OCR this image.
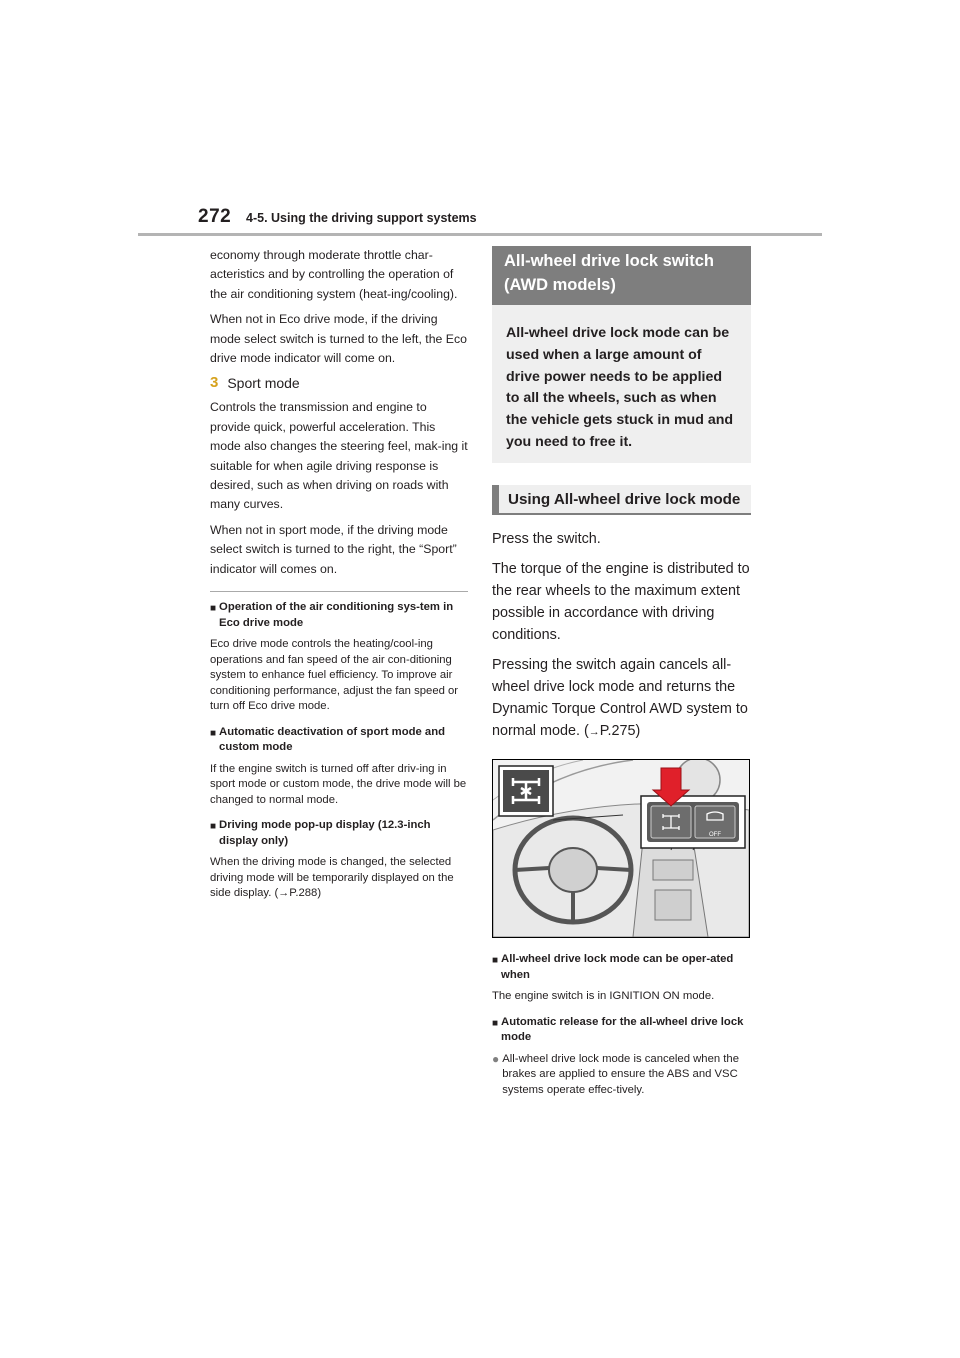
272 4-5. Using the driving support systems

economy through moderate throttle char-acteristics and by controlling the operation of the air conditioning system (heat-ing/cooling).

When not in Eco drive mode, if the driving mode select switch is turned to the left, the Eco drive mode indicator will come on.

3 Sport mode

Controls the transmission and engine to provide quick, powerful acceleration. This mode also changes the steering feel, mak-ing it suitable for when agile driving response is desired, such as when driving on roads with many curves.

When not in sport mode, if the driving mode select switch is turned to the right, the “Sport” indicator will comes on.

■ Operation of the air conditioning sys-tem in Eco drive mode

Eco drive mode controls the heating/cool-ing operations and fan speed of the air con-ditioning system to enhance fuel efficiency. To improve air conditioning performance, adjust the fan speed or turn off Eco drive mode.

■ Automatic deactivation of sport mode and custom mode

If the engine switch is turned off after driv-ing in sport mode or custom mode, the drive mode will be changed to normal mode.

■ Driving mode pop-up display (12.3-inch display only)

When the driving mode is changed, the selected driving mode will be temporarily displayed on the side display. (→P.288)

All-wheel drive lock switch (AWD models)
All-wheel drive lock mode can be used when a large amount of drive power needs to be applied to all the wheels, such as when the vehicle gets stuck in mud and you need to free it.
Using All-wheel drive lock mode

Press the switch.

The torque of the engine is distributed to the rear wheels to the maximum extent possible in accordance with driving conditions.

Pressing the switch again cancels all-wheel drive lock mode and returns the Dynamic Torque Control AWD system to normal mode. (→P.275)

OFF
■ All-wheel drive lock mode can be oper-ated when

The engine switch is in IGNITION ON mode.

■ Automatic release for the all-wheel drive lock mode
● All-wheel drive lock mode is canceled when the brakes are applied to ensure the ABS and VSC systems operate effec-tively.
